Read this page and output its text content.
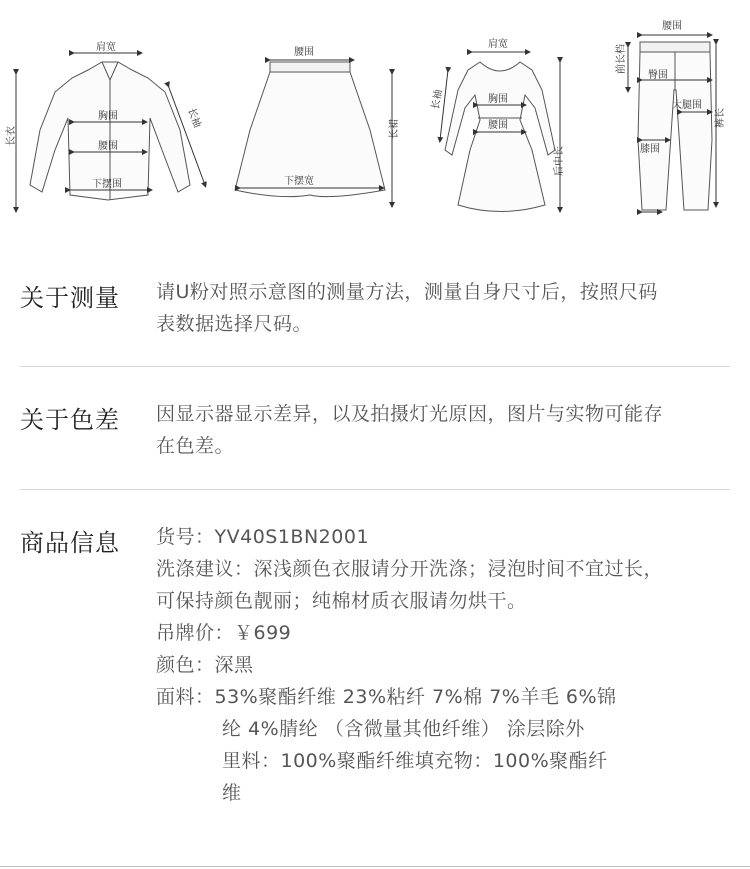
肩宽
胸围
腰围
下摆围
长衣
长袖
腰围
下摆宽
长裙
肩宽
胸围
腰围
长袖
后中长
腰围
前长档
臀围
大腿围
膝围
裤长
关于测量 请U粉对照示意图的测量方法，测量自身尺寸后，按照尺码
表数据选择尺码。
关于色差 因显示器显示差异，以及拍摄灯光原因，图片与实物可能存
在色差。
商品信息 货号：YV40S1BN2001
洗涤建议：深浅颜色衣服请分开洗涤；浸泡时间不宜过长，
可保持颜色靓丽；纯棉材质衣服请勿烘干。
吊牌价：￥699
颜色：深黑
面料：53%聚酯纤维 23%粘纤 7%棉 7%羊毛 6%锦
纶 4%腈纶 （含微量其他纤维） 涂层除外
里料：100%聚酯纤维填充物：100%聚酯纤
维
